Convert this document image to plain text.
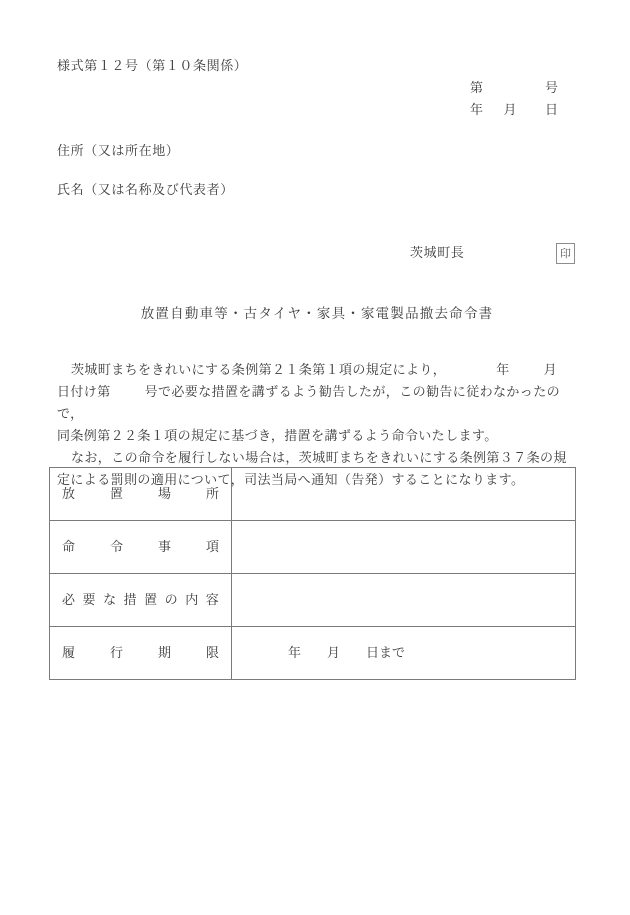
様式第１２号（第１０条関係）
第	号
年 月 日
住所（又は所在地）
氏名（又は名称及び代表者）
茨城町長	印
放置自動車等・古タイヤ・家具・家電製品撤去命令書

茨城町まちをきれいにする条例第２１条第１項の規定により，	年	月

日付け第	号で必要な措置を講ずるよう勧告したが，この勧告に従わなかったので，

同条例第２２条１項の規定に基づき，措置を講ずるよう命令いたします。

なお，この命令を履行しない場合は，茨城町まちをきれいにする条例第３７条の規

定による罰則の適用について，司法当局へ通知（告発）することになります。

放 置 場 所	

命 令 事 項	

必 要 な 措 置 の 内 容

履 行 期 限	年 月 日まで
